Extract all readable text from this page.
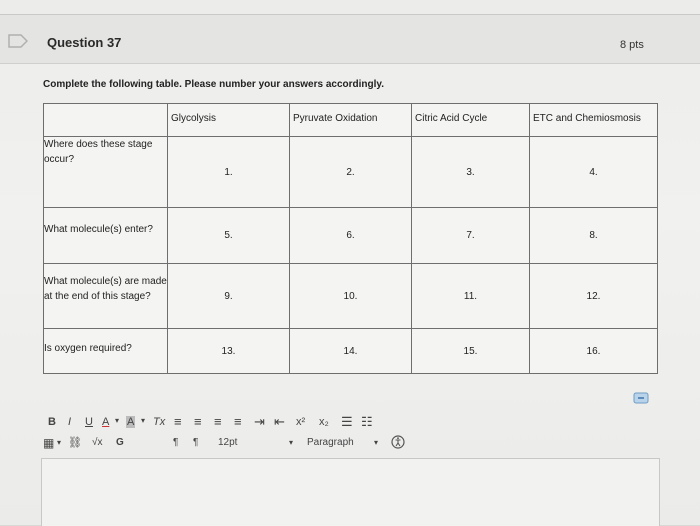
Question 37	8 pts
Complete the following table. Please number your answers accordingly.
	Glycolysis	Pyruvate Oxidation	Citric Acid Cycle	ETC and Chemiosmosis
Where does these stage occur?	1.	2.	3.	4.
What molecule(s) enter?	5.	6.	7.	8.
What molecule(s) are made at the end of this stage?	9.	10.	11.	12.
Is oxygen required?	13.	14.	15.	16.
B I U A ▾ A ▾ Tx ≡ ≡ ≡ ≡ ⇥ ⇤ x² x₂ ☰ ☷
▦ ▾ ⛓ √x G	¶ ¶ 12pt	▾ Paragraph	▾
